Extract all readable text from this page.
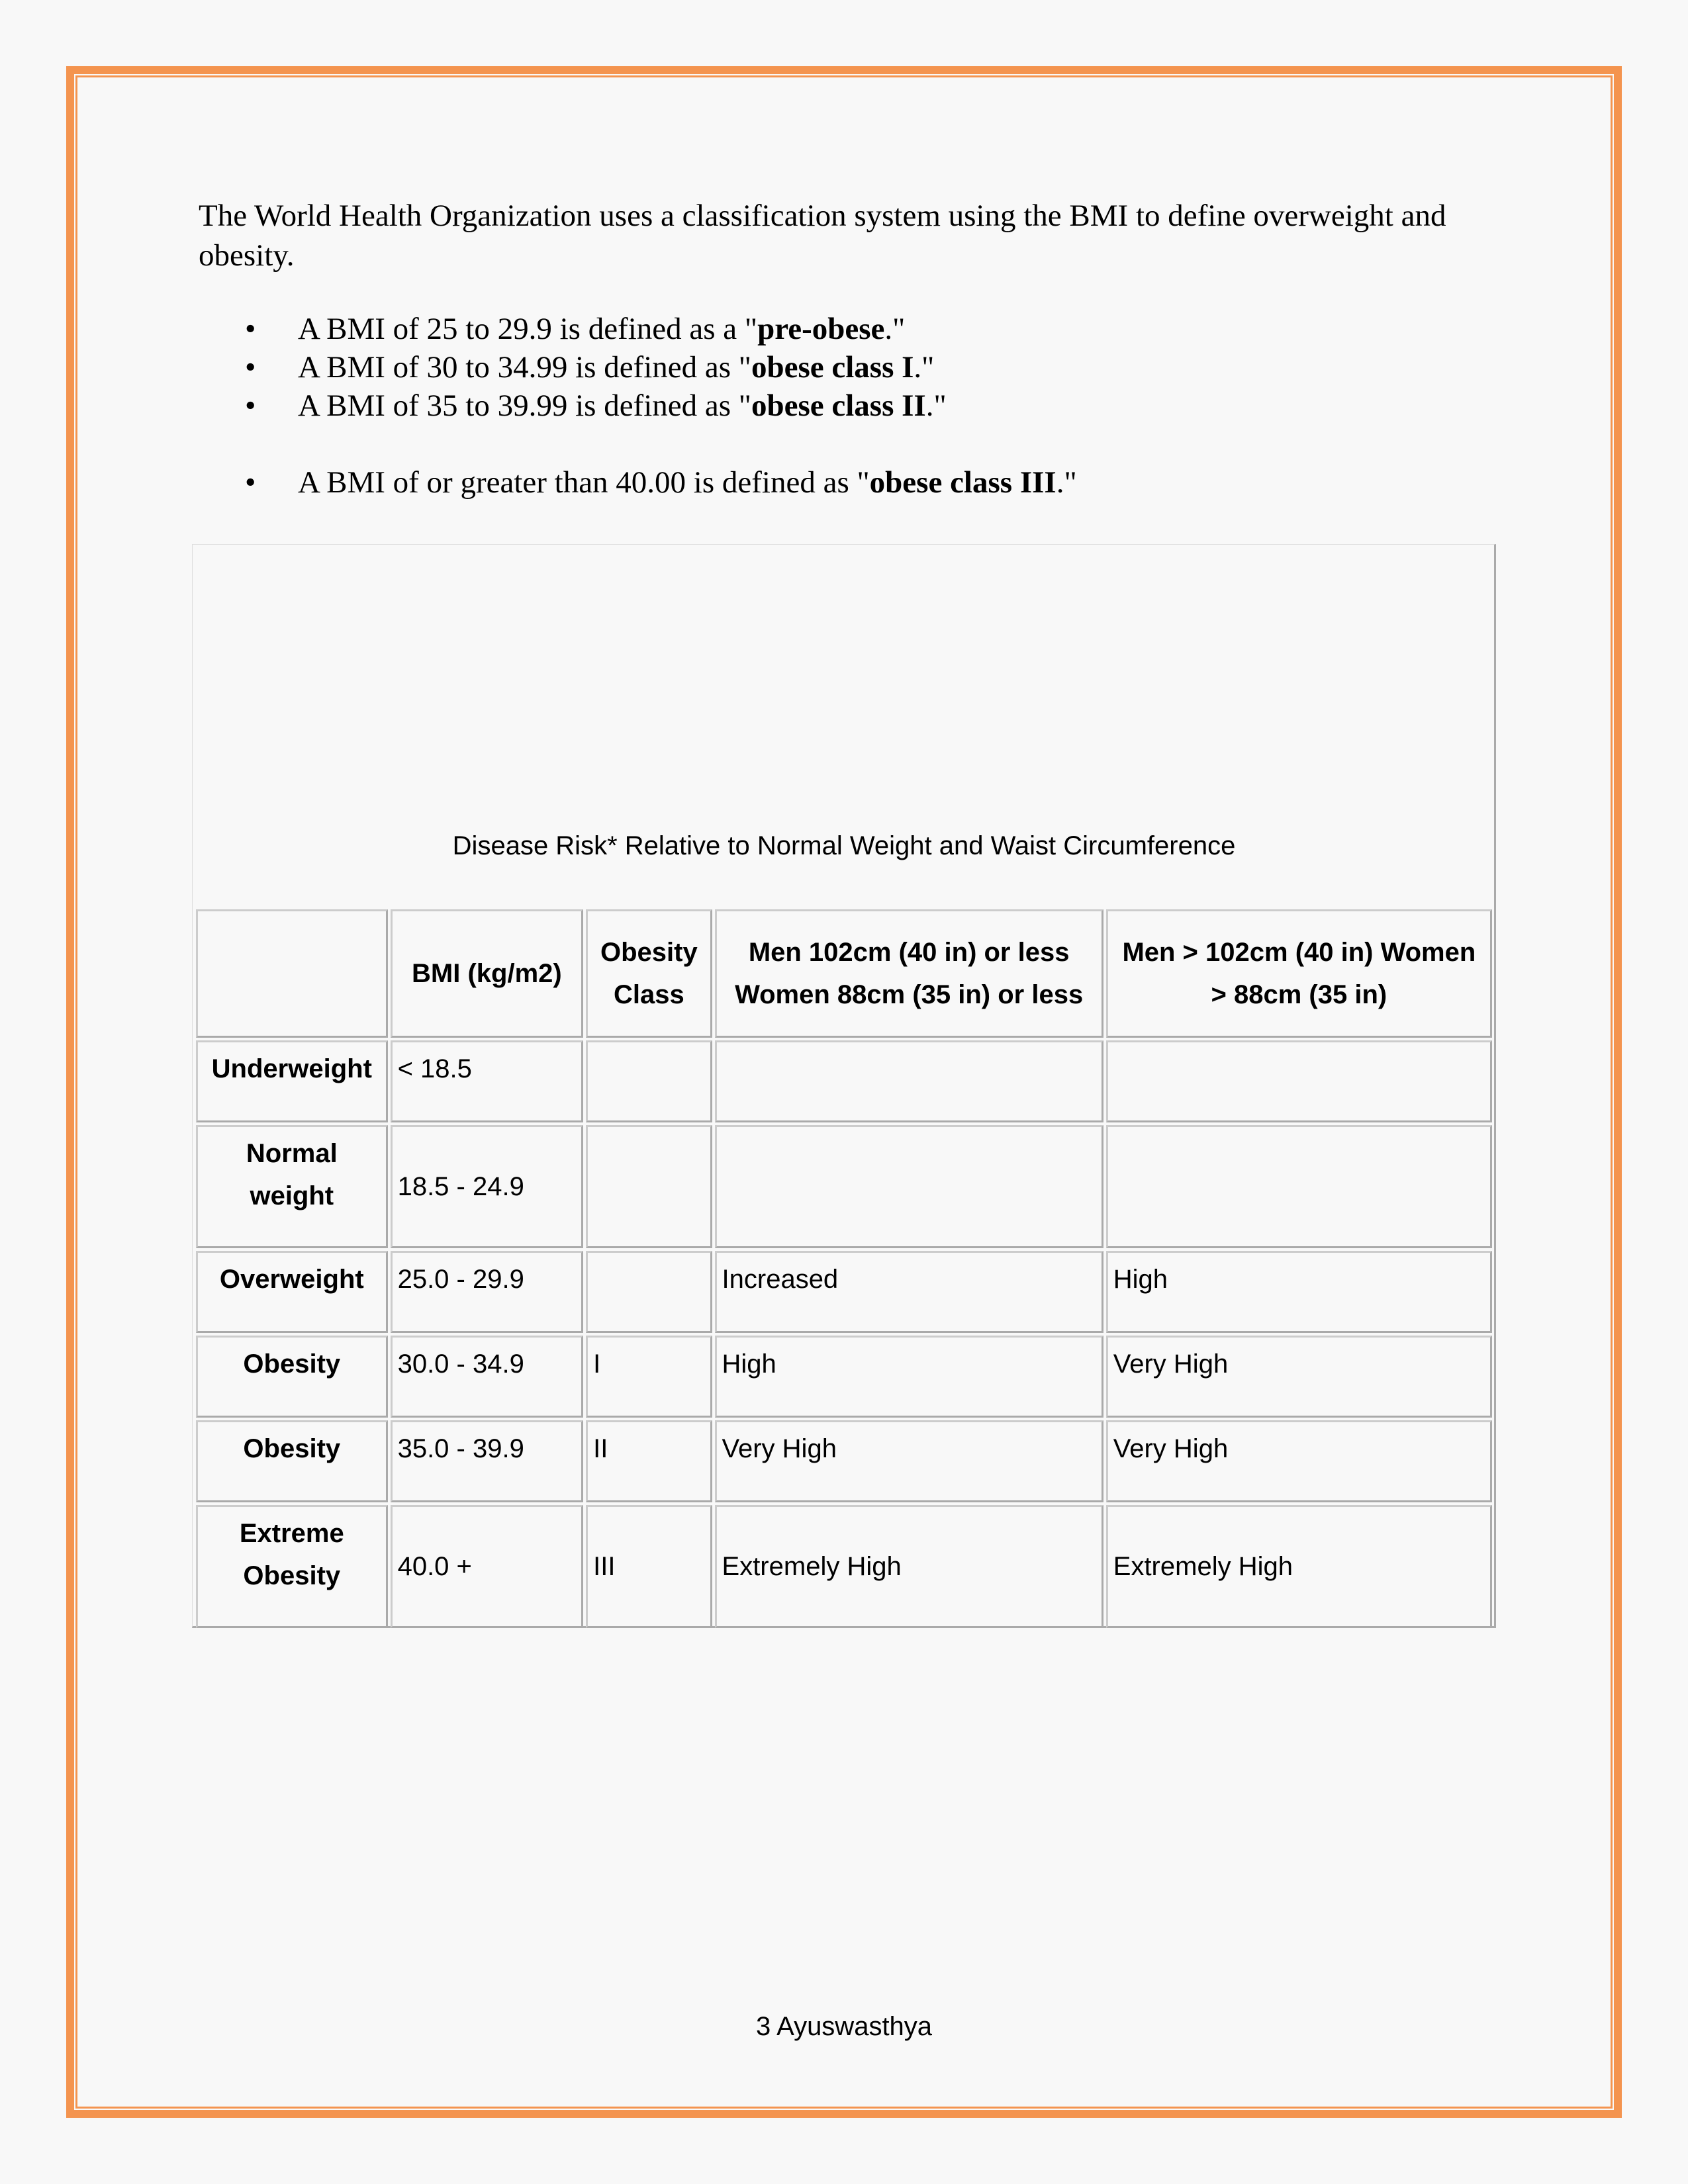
The World Health Organization uses a classification system using the BMI to define overweight and obesity.

• A BMI of 25 to 29.9 is defined as a "pre-obese."
• A BMI of 30 to 34.99 is defined as "obese class I."
• A BMI of 35 to 39.99 is defined as "obese class II."
• A BMI of or greater than 40.00 is defined as "obese class III."
Disease Risk* Relative to Normal Weight and Waist Circumference
	BMI (kg/m2)	Obesity Class	Men 102cm (40 in) or less Women 88cm (35 in) or less	Men > 102cm (40 in) Women > 88cm (35 in)
Underweight	< 18.5			
Normal weight	18.5 - 24.9			
Overweight	25.0 - 29.9		Increased	High
Obesity	30.0 - 34.9	I	High	Very High
Obesity	35.0 - 39.9	II	Very High	Very High
Extreme Obesity	40.0 +	III	Extremely High	Extremely High
3 Ayuswasthya
